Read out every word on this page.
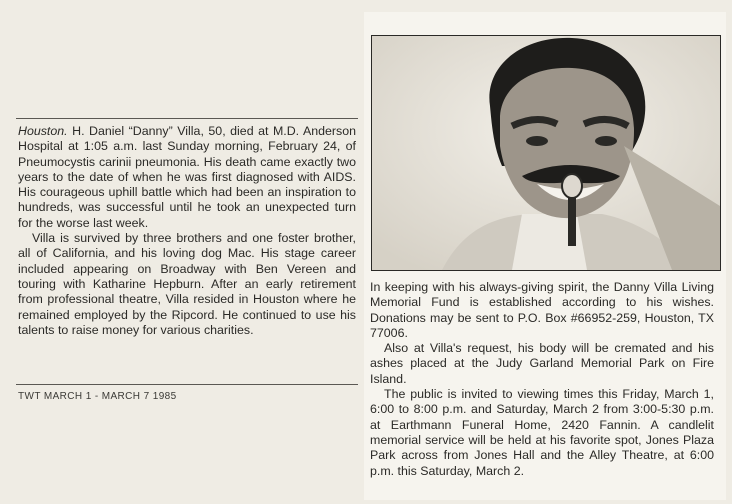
Houston. H. Daniel “Danny” Villa, 50, died at M.D. Anderson Hospital at 1:05 a.m. last Sunday morning, February 24, of Pneumocystis carinii pneumonia. His death came exactly two years to the date of when he was first diagnosed with AIDS. His courageous uphill battle which had been an inspiration to hundreds, was successful until he took an unexpected turn for the worse last week.

Villa is survived by three brothers and one foster brother, all of California, and his loving dog Mac. His stage career included appearing on Broadway with Ben Vereen and touring with Katharine Hepburn. After an early retirement from professional theatre, Villa resided in Houston where he remained employed by the Ripcord. He continued to use his talents to raise money for various charities.

TWT MARCH 1 - MARCH 7 1985

In keeping with his always-giving spirit, the Danny Villa Living Memorial Fund is established according to his wishes. Donations may be sent to P.O. Box #66952-259, Houston, TX 77006.

Also at Villa's request, his body will be cremated and his ashes placed at the Judy Garland Memorial Park on Fire Island.

The public is invited to viewing times this Friday, March 1, 6:00 to 8:00 p.m. and Saturday, March 2 from 3:00-5:30 p.m. at Earthmann Funeral Home, 2420 Fannin. A candlelit memorial service will be held at his favorite spot, Jones Plaza Park across from Jones Hall and the Alley Theatre, at 6:00 p.m. this Saturday, March 2.
